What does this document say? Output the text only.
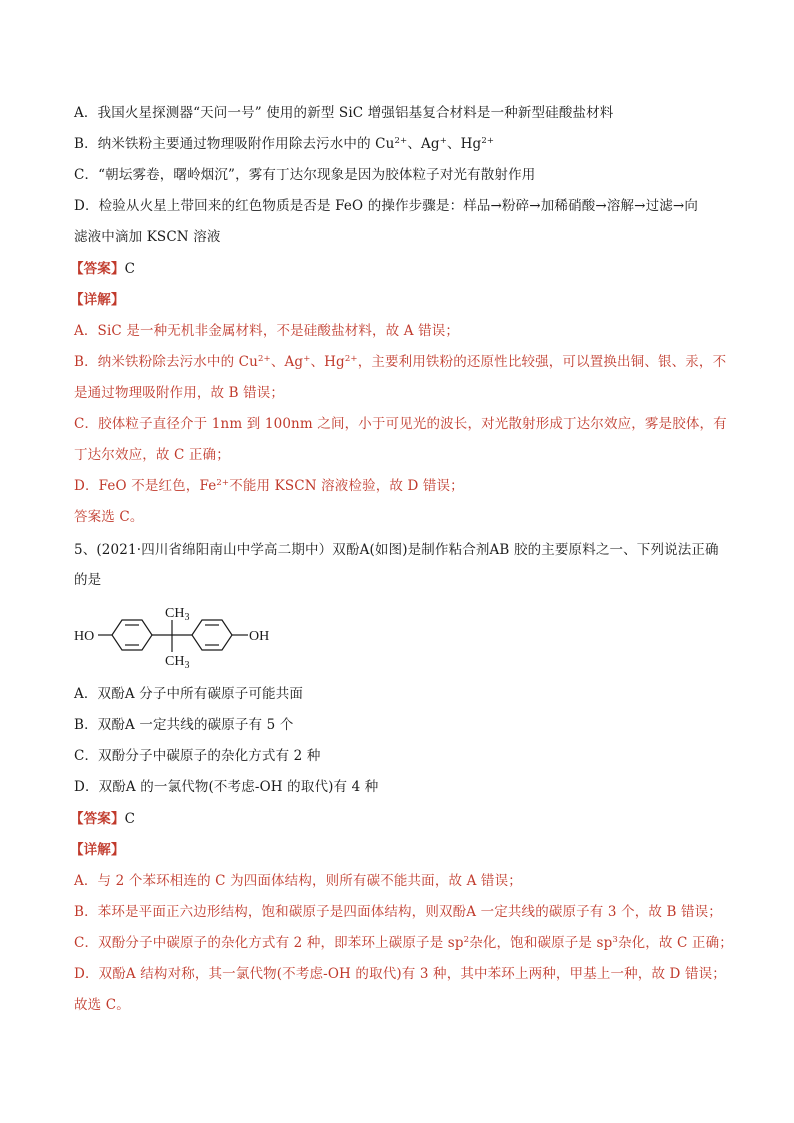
A．我国火星探测器“天问一号” 使用的新型 SiC 增强铝基复合材料是一种新型硅酸盐材料
B．纳米铁粉主要通过物理吸附作用除去污水中的 $Cu^{2+}$、Ag+、$Hg^{2+}$
C．“朝坛雾卷，曙岭烟沉”，雾有丁达尔现象是因为胶体粒子对光有散射作用
D．检验从火星上带回来的红色物质是否是 FeO 的操作步骤是：样品→粉碎→加稀硝酸→溶解→过滤→向
滤液中滴加 KSCN 溶液
【答案】C
【详解】
A．SiC 是一种无机非金属材料，不是硅酸盐材料，故 A 错误；
B．纳米铁粉除去污水中的 $Cu^{2+}$、Ag+、$Hg^{2+}$，主要利用铁粉的还原性比较强，可以置换出铜、银、汞，不
是通过物理吸附作用，故 B 错误；
C．胶体粒子直径介于 1nm 到 100nm 之间，小于可见光的波长，对光散射形成丁达尔效应，雾是胶体，有
丁达尔效应，故 C 正确；
D．FeO 不是红色，$Fe^{2+}$不能用 KSCN 溶液检验，故 D 错误；
答案选 C。
5、(2021·四川省绵阳南山中学高二期中）双酚A(如图)是制作粘合剂AB 胶的主要原料之一、下列说法正确
的是
HO	OH
$CH_3$
$CH_3$
A．双酚A 分子中所有碳原子可能共面
B．双酚A 一定共线的碳原子有 5 个
C．双酚分子中碳原子的杂化方式有 2 种
D．双酚A 的一氯代物(不考虑-OH 的取代)有 4 种
【答案】C
【详解】
A．与 2 个苯环相连的 C 为四面体结构，则所有碳不能共面，故 A 错误；
B．苯环是平面正六边形结构，饱和碳原子是四面体结构，则双酚A 一定共线的碳原子有 3 个，故 B 错误；
C．双酚分子中碳原子的杂化方式有 2 种，即苯环上碳原子是 $sp^2$杂化，饱和碳原子是 $sp^3$杂化，故 C 正确；
D．双酚A 结构对称，其一氯代物(不考虑-OH 的取代)有 3 种，其中苯环上两种，甲基上一种，故 D 错误；
故选 C。
